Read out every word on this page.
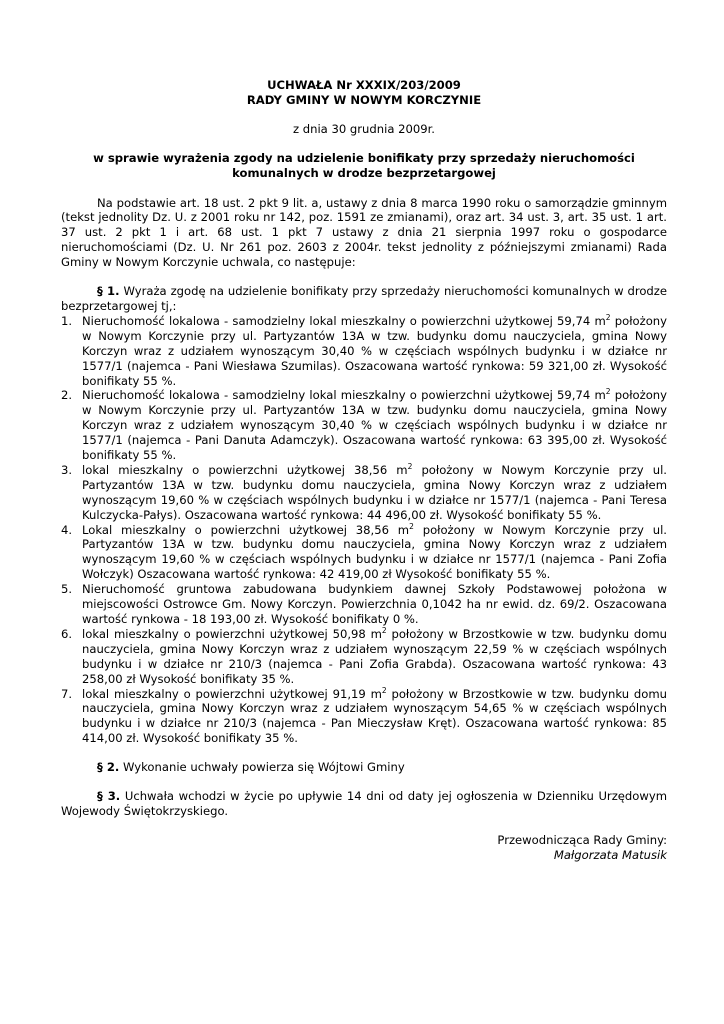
UCHWAŁA Nr XXXIX/203/2009
RADY GMINY W NOWYM KORCZYNIE
z dnia 30 grudnia 2009r.
w sprawie wyrażenia zgody na udzielenie bonifikaty przy sprzedaży nieruchomości
komunalnych w drodze bezprzetargowej
Na podstawie art. 18 ust. 2 pkt 9 lit. a, ustawy z dnia 8 marca 1990 roku o samorządzie gminnym (tekst jednolity Dz. U. z 2001 roku nr 142, poz. 1591 ze zmianami), oraz art. 34 ust. 3, art. 35 ust. 1 art. 37 ust. 2 pkt 1 i art. 68 ust. 1 pkt 7 ustawy z dnia 21 sierpnia 1997 roku o gospodarce nieruchomościami (Dz. U. Nr 261 poz. 2603 z 2004r. tekst jednolity z późniejszymi zmianami) Rada Gminy w Nowym Korczynie uchwala, co następuje:
§ 1. Wyraża zgodę na udzielenie bonifikaty przy sprzedaży nieruchomości komunalnych w drodze bezprzetargowej tj,:
1. Nieruchomość lokalowa - samodzielny lokal mieszkalny o powierzchni użytkowej 59,74 $m^2$ położony w Nowym Korczynie przy ul. Partyzantów 13A w tzw. budynku domu nauczyciela, gmina Nowy Korczyn wraz z udziałem wynoszącym 30,40 % w częściach wspólnych budynku i w działce nr 1577/1 (najemca - Pani Wiesława Szumilas). Oszacowana wartość rynkowa: 59 321,00 zł. Wysokość bonifikaty 55 %.
2. Nieruchomość lokalowa - samodzielny lokal mieszkalny o powierzchni użytkowej 59,74 $m^2$ położony w Nowym Korczynie przy ul. Partyzantów 13A w tzw. budynku domu nauczyciela, gmina Nowy Korczyn wraz z udziałem wynoszącym 30,40 % w częściach wspólnych budynku i w działce nr 1577/1 (najemca - Pani Danuta Adamczyk). Oszacowana wartość rynkowa: 63 395,00 zł. Wysokość bonifikaty 55 %.
3. lokal mieszkalny o powierzchni użytkowej 38,56 $m^2$ położony w Nowym Korczynie przy ul. Partyzantów 13A w tzw. budynku domu nauczyciela, gmina Nowy Korczyn wraz z udziałem wynoszącym 19,60 % w częściach wspólnych budynku i w działce nr 1577/1 (najemca - Pani Teresa Kulczycka-Pałys). Oszacowana wartość rynkowa: 44 496,00 zł. Wysokość bonifikaty 55 %.
4. Lokal mieszkalny o powierzchni użytkowej 38,56 $m^2$ położony w Nowym Korczynie przy ul. Partyzantów 13A w tzw. budynku domu nauczyciela, gmina Nowy Korczyn wraz z udziałem wynoszącym 19,60 % w częściach wspólnych budynku i w działce nr 1577/1 (najemca - Pani Zofia Wołczyk) Oszacowana wartość rynkowa: 42 419,00 zł Wysokość bonifikaty 55 %.
5. Nieruchomość gruntowa zabudowana budynkiem dawnej Szkoły Podstawowej położona w miejscowości Ostrowce Gm. Nowy Korczyn. Powierzchnia 0,1042 ha nr ewid. dz. 69/2. Oszacowana wartość rynkowa - 18 193,00 zł. Wysokość bonifikaty 0 %.
6. lokal mieszkalny o powierzchni użytkowej 50,98 $m^2$ położony w Brzostkowie w tzw. budynku domu nauczyciela, gmina Nowy Korczyn wraz z udziałem wynoszącym 22,59 % w częściach wspólnych budynku i w działce nr 210/3 (najemca - Pani Zofia Grabda). Oszacowana wartość rynkowa: 43 258,00 zł Wysokość bonifikaty 35 %.
7. lokal mieszkalny o powierzchni użytkowej 91,19 $m^2$ położony w Brzostkowie w tzw. budynku domu nauczyciela, gmina Nowy Korczyn wraz z udziałem wynoszącym 54,65 % w częściach wspólnych budynku i w działce nr 210/3 (najemca - Pan Mieczysław Kręt). Oszacowana wartość rynkowa: 85 414,00 zł. Wysokość bonifikaty 35 %.
§ 2. Wykonanie uchwały powierza się Wójtowi Gminy
§ 3. Uchwała wchodzi w życie po upływie 14 dni od daty jej ogłoszenia w Dzienniku Urzędowym Wojewody Świętokrzyskiego.
Przewodnicząca Rady Gminy:
Małgorzata Matusik
